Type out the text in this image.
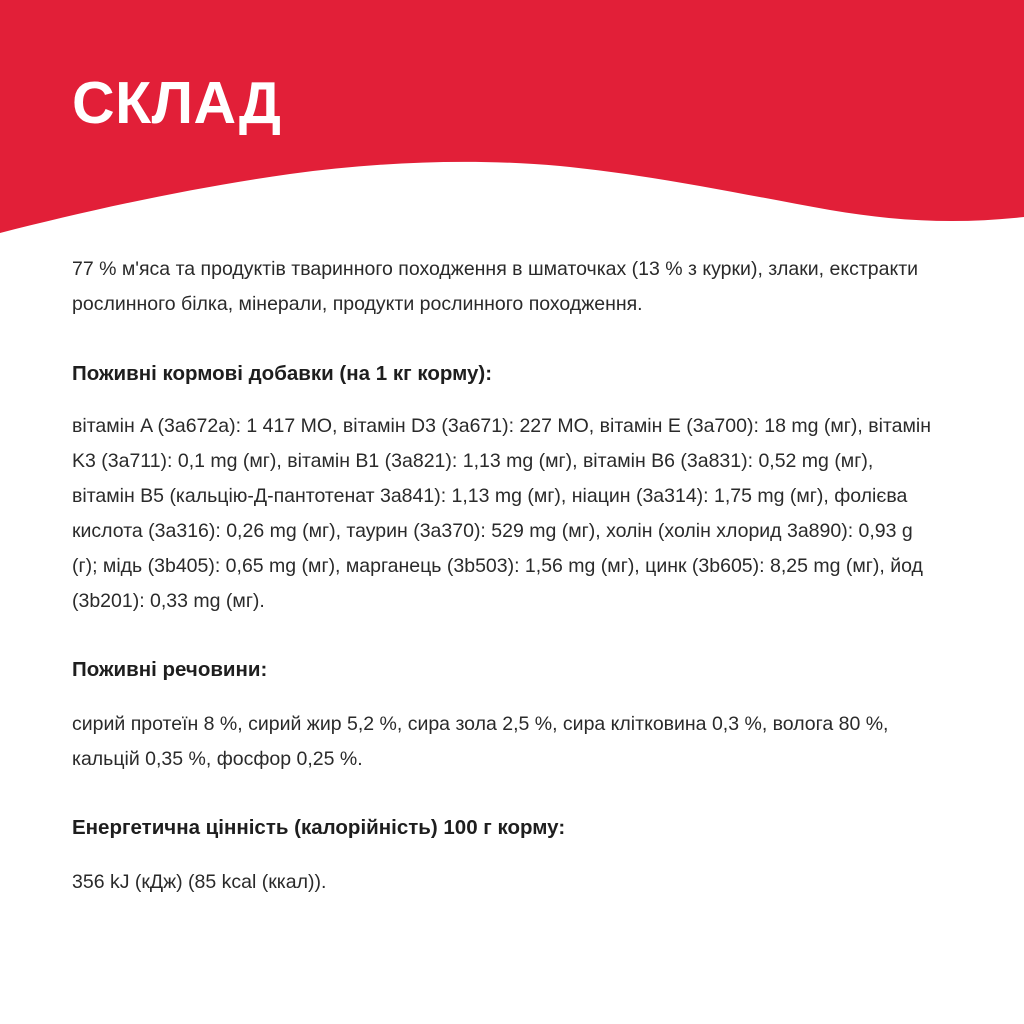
СКЛАД
77 % м'яса та продуктів тваринного походження в шматочках (13 % з курки), злаки, екстракти рослинного білка, мінерали, продукти рослинного походження.
Поживні кормові добавки (на 1 кг корму):
вітамін A (3a672a): 1 417 МО, вітамін D3 (3a671): 227 МО, вітамін E (3a700): 18 mg (мг), вітамін K3 (3a711): 0,1 mg (мг), вітамін B1 (3a821): 1,13 mg (мг), вітамін B6 (3a831): 0,52 mg (мг), вітамін B5 (кальцію-Д-пантотенат 3a841): 1,13 mg (мг), ніацин (3a314): 1,75 mg (мг), фолієва кислота (3a316): 0,26 mg (мг), таурин (3a370): 529 mg (мг), холін (холін хлорид 3a890): 0,93 g (г); мідь (3b405): 0,65 mg (мг), марганець (3b503): 1,56 mg (мг), цинк (3b605): 8,25 mg (мг), йод (3b201): 0,33 mg (мг).
Поживні речовини:
сирий протеїн 8 %, сирий жир 5,2 %, сира зола 2,5 %, сира клітковина 0,3 %, волога 80 %, кальцій 0,35 %, фосфор 0,25 %.
Енергетична цінність (калорійність) 100 г корму:
356 kJ (кДж) (85 kcal (ккал)).
